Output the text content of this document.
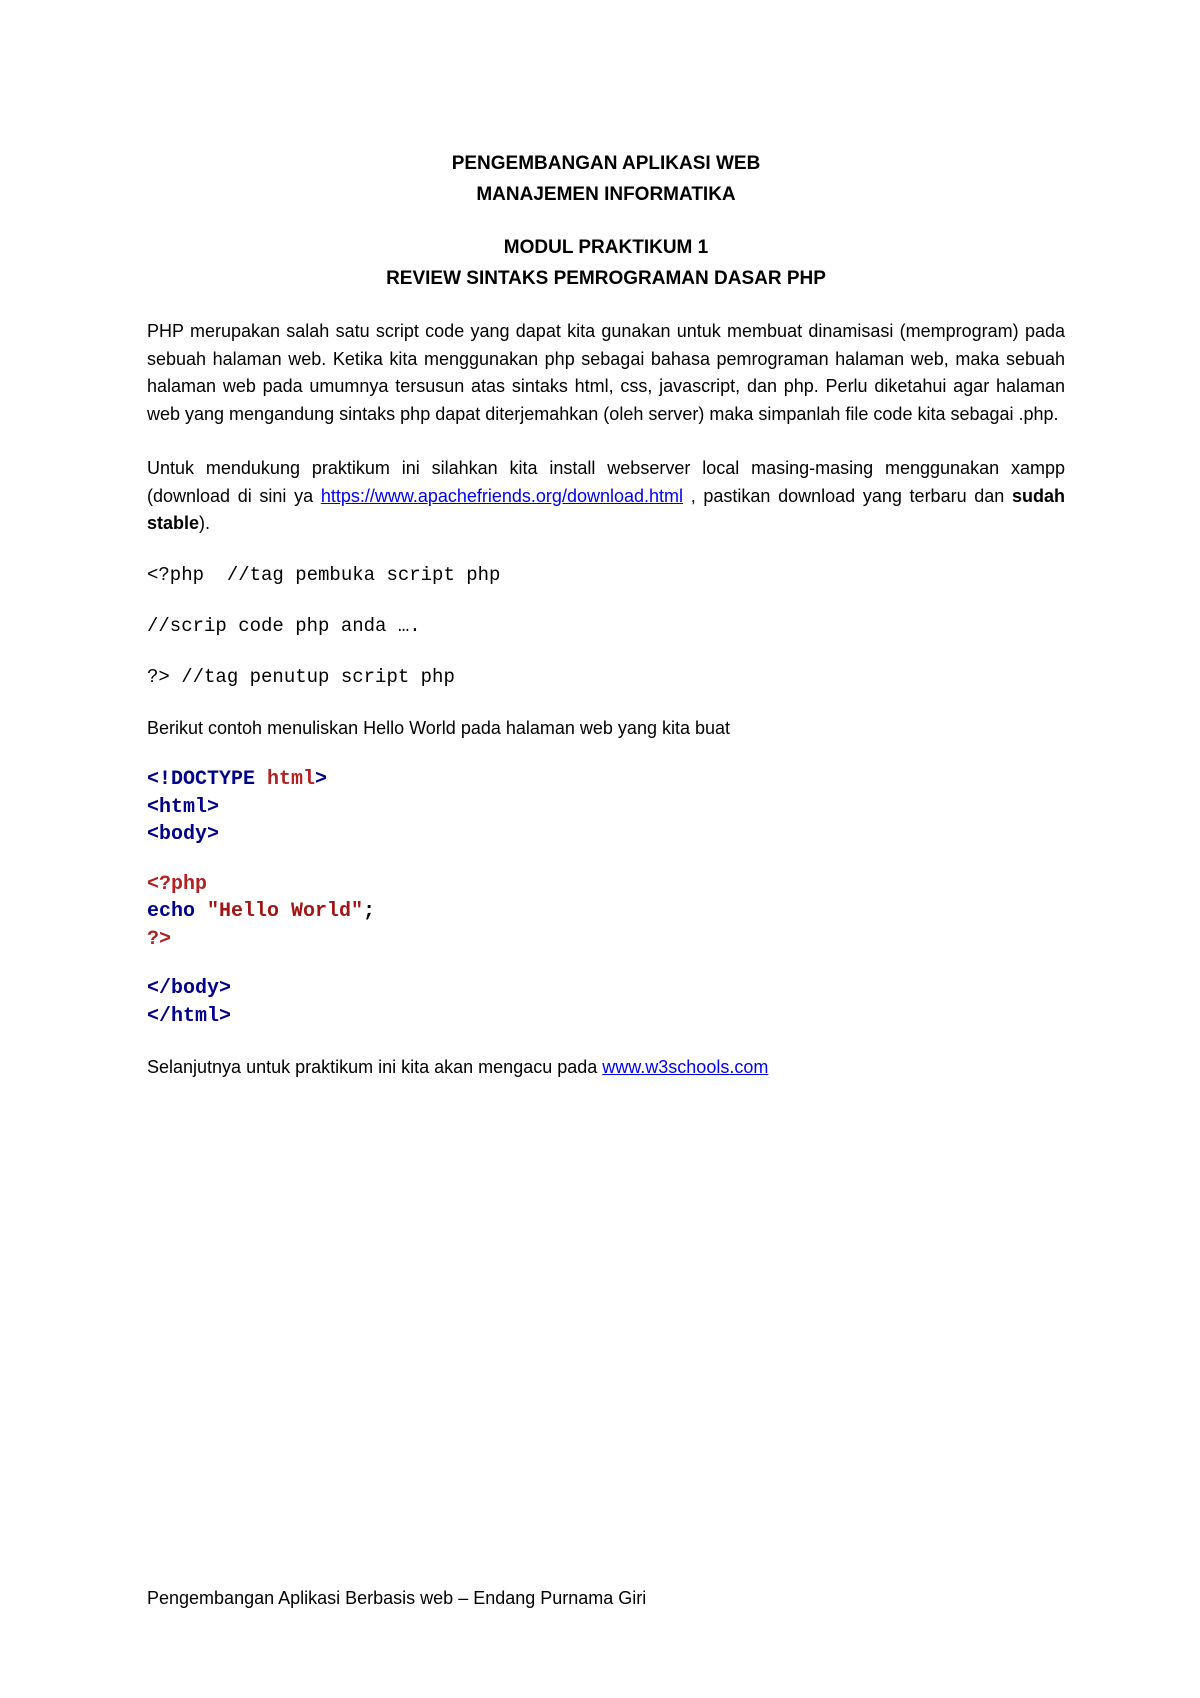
PENGEMBANGAN APLIKASI WEB

MANAJEMEN INFORMATIKA

MODUL PRAKTIKUM 1

REVIEW SINTAKS PEMROGRAMAN DASAR PHP

PHP merupakan salah satu script code yang dapat kita gunakan untuk membuat dinamisasi (memprogram) pada sebuah halaman web. Ketika kita menggunakan php sebagai bahasa pemrograman halaman web, maka sebuah halaman web pada umumnya tersusun atas sintaks html, css, javascript, dan php. Perlu diketahui agar halaman web yang mengandung sintaks php dapat diterjemahkan (oleh server) maka simpanlah file code kita sebagai .php.

Untuk mendukung praktikum ini silahkan kita install webserver local masing-masing menggunakan xampp (download di sini ya https://www.apachefriends.org/download.html , pastikan download yang terbaru dan sudah stable).

<?php  //tag pembuka script php

//scrip code php anda ….

?> //tag penutup script php

Berikut contoh menuliskan Hello World pada halaman web yang kita buat

<!DOCTYPE html>

<html>

<body>

<?php

echo "Hello World";

?>

</body>

</html>

Selanjutnya untuk praktikum ini kita akan mengacu pada www.w3schools.com

Pengembangan Aplikasi Berbasis web – Endang Purnama Giri
